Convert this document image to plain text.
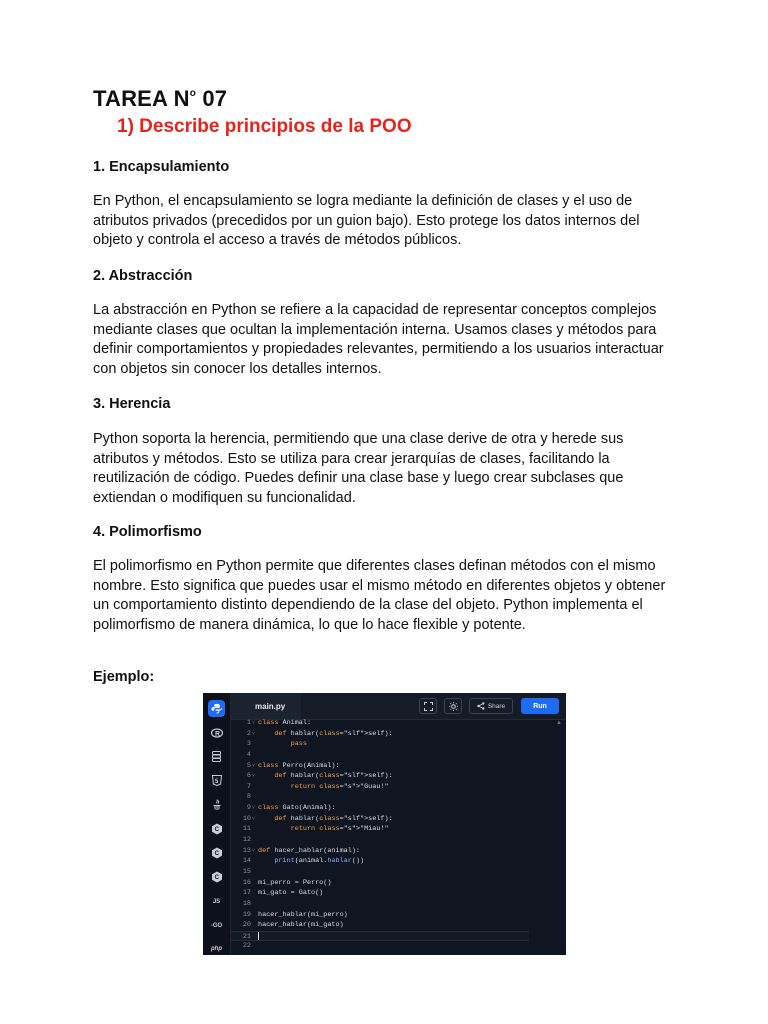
TAREA $N^o$ 07
1) Describe principios de la POO
1. Encapsulamiento

En Python, el encapsulamiento se logra mediante la definición de clases y el uso de atributos privados (precedidos por un guion bajo). Esto protege los datos internos del objeto y controla el acceso a través de métodos públicos.

2. Abstracción

La abstracción en Python se refiere a la capacidad de representar conceptos complejos mediante clases que ocultan la implementación interna. Usamos clases y métodos para definir comportamientos y propiedades relevantes, permitiendo a los usuarios interactuar con objetos sin conocer los detalles internos.

3. Herencia

Python soporta la herencia, permitiendo que una clase derive de otra y herede sus atributos y métodos. Esto se utiliza para crear jerarquías de clases, facilitando la reutilización de código. Puedes definir una clase base y luego crear subclases que extiendan o modifiquen su funcionalidad.

4. Polimorfismo

El polimorfismo en Python permite que diferentes clases definan métodos con el mismo nombre. Esto significa que puedes usar el mismo método en diferentes objetos y obtener un comportamiento distinto dependiendo de la clase del objeto. Python implementa el polimorfismo de manera dinámica, lo que lo hace flexible y potente.

Ejemplo:
R
5
C
C
C
JS
-GO
php
main.py	Share	Run
▲
1 ˅ class Animal:
2 ˅	def hablar(class="slf">self):
3	pass
4
5 ˅ class Perro(Animal):
6 ˅	def hablar(class="slf">self):
7	return class="s">"Guau!"
8
9 ˅ class Gato(Animal):
10 ˅	def hablar(class="slf">self):
11	return class="s">"Miau!"
12
13 ˅ def hacer_hablar(animal):
14	print(animal.hablar())
15
16 mi_perro = Perro()
17 mi_gato = Gato()
18
19 hacer_hablar(mi_perro)
20 hacer_hablar(mi_gato)
21
22
